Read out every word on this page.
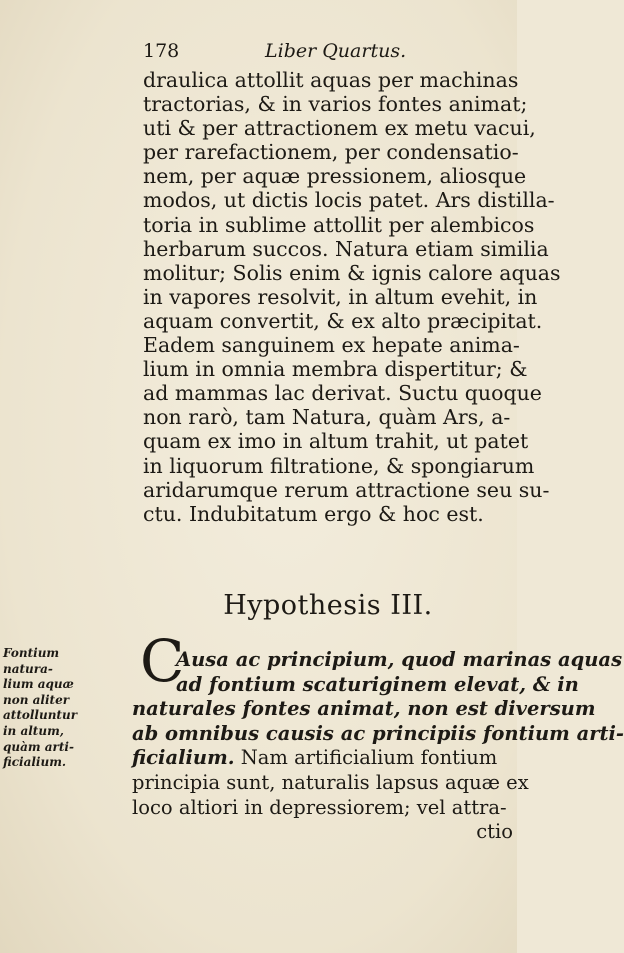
178	Liber Quartus.
draulica attollit aquas per machinas
tractorias, & in varios fontes animat;
uti & per attractionem ex metu vacui,
per rarefactionem, per condensatio-
nem, per aquæ pressionem, aliosque
modos, ut dictis locis patet. Ars distilla-
toria in sublime attollit per alembicos
herbarum succos. Natura etiam similia
molitur; Solis enim & ignis calore aquas
in vapores resolvit, in altum evehit, in
aquam convertit, & ex alto præcipitat.
Eadem sanguinem ex hepate anima-
lium in omnia membra dispertitur; &
ad mammas lac derivat. Suctu quoque
non rarò, tam Natura, quàm Ars, a-
quam ex imo in altum trahit, ut patet
in liquorum filtratione, & spongiarum
aridarumque rerum attractione seu su-
ctu. Indubitatum ergo & hoc est.
Hypothesis III.
Fontium
natura-
lium aquæ
non aliter
attolluntur
in altum,
quàm arti-
ficialium.
C
Ausa ac principium, quod marinas aquas
ad fontium scaturiginem elevat, & in
naturales fontes animat, non est diversum
ab omnibus causis ac principiis fontium arti-
ficialium. Nam artificialium fontium
principia sunt, naturalis lapsus aquæ ex
loco altiori in depressiorem; vel attra-
ctio
